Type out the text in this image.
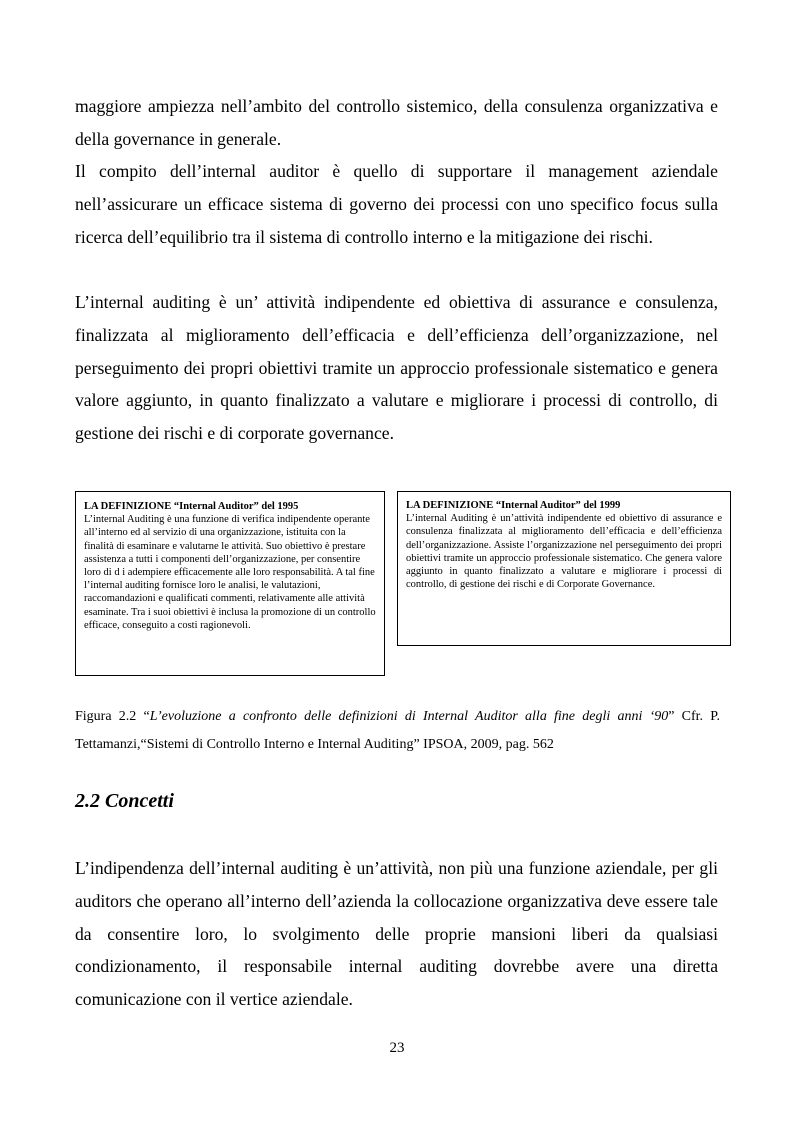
maggiore ampiezza nell’ambito del controllo sistemico, della consulenza organizzativa e della governance in generale.

Il compito dell’internal auditor è quello di supportare il management aziendale nell’assicurare un efficace sistema di governo dei processi con uno specifico focus sulla ricerca dell’equilibrio tra il sistema di controllo interno e la mitigazione dei rischi.

L’internal auditing è un’ attività indipendente ed obiettiva di assurance e consulenza, finalizzata al miglioramento dell’efficacia e dell’efficienza dell’organizzazione, nel perseguimento dei propri obiettivi tramite un approccio professionale sistematico e genera valore aggiunto, in quanto finalizzato a valutare e migliorare i processi di controllo, di gestione dei rischi e di corporate governance.

LA DEFINIZIONE “Internal Auditor” del 1995

L’internal Auditing è una funzione di verifica indipendente operante all’interno ed al servizio di una organizzazione, istituita con la finalità di esaminare e valutarne le attività. Suo obiettivo è prestare assistenza a tutti i componenti dell’organizzazione, per consentire loro di d i adempiere efficacemente alle loro responsabilità. A tal fine l’internal auditing fornisce loro le analisi, le valutazioni, raccomandazioni e qualificati commenti, relativamente alle attività esaminate. Tra i suoi obiettivi è inclusa la promozione di un controllo efficace, conseguito a costi ragionevoli.

LA DEFINIZIONE “Internal Auditor” del 1999

L’internal Auditing è un’attività indipendente ed obiettivo di assurance e consulenza finalizzata al miglioramento dell’efficacia e dell’efficienza dell’organizzazione. Assiste l’organizzazione nel perseguimento dei propri obiettivi tramite un approccio professionale sistematico. Che genera valore aggiunto in quanto finalizzato a valutare e migliorare i processi di controllo, di gestione dei rischi e di Corporate Governance.

Figura 2.2 “L’evoluzione a confronto delle definizioni di Internal Auditor alla fine degli anni ‘90” Cfr. P. Tettamanzi,“Sistemi di Controllo Interno e Internal Auditing” IPSOA, 2009, pag. 562

2.2 Concetti

L’indipendenza dell’internal auditing è un’attività, non più una funzione aziendale, per gli auditors che operano all’interno dell’azienda la collocazione organizzativa deve essere tale da consentire loro, lo svolgimento delle proprie mansioni liberi da qualsiasi condizionamento, il responsabile internal auditing dovrebbe avere una diretta comunicazione con il vertice aziendale.

23
